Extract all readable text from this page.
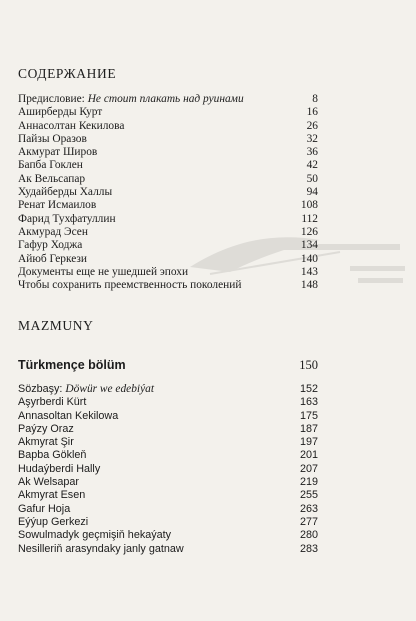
СОДЕРЖАНИЕ
Предисловие: Не стоит плакать над руинами	8
Аширберды Курт	16
Аннасолтан Кекилова	26
Пайзы Оразов	32
Акмурат Широв	36
Бапба Гоклен	42
Ак Вельсапар	50
Худайберды Халлы	94
Ренат Исмаилов	108
Фарид Тухфатуллин	112
Акмурад Эсен	126
Гафур Ходжа	134
Айюб Геркези	140
Документы еще не ушедшей эпохи	143
Чтобы сохранить преемственность поколений	148
MAZMUNY
Türkmençe bölüm	150
Sözbaşy: Döwür we edebiýat	152
Aşyrberdi Kürt	163
Annasoltan Kekilowa	175
Paýzy Oraz	187
Akmyrat Şir	197
Bapba Gökleň	201
Hudaýberdi Hally	207
Ak Welsapar	219
Akmyrat Esen	255
Gafur Hoja	263
Eýýup Gerkezi	277
Sowulmadyk geçmişiň hekaýaty	280
Nesilleriň arasyndaky janly gatnaw	283
